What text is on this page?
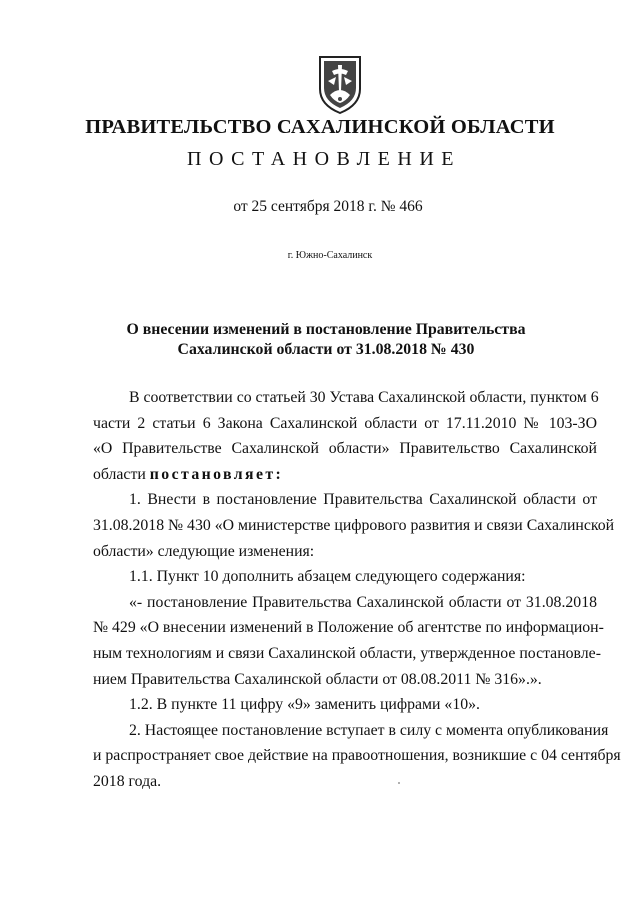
ПРАВИТЕЛЬСТВО САХАЛИНСКОЙ ОБЛАСТИ
ПОСТАНОВЛЕНИЕ
от 25 сентября 2018 г. № 466
г. Южно-Сахалинск
О внесении изменений в постановление Правительства
Сахалинской области от 31.08.2018 № 430

В соответствии со статьей 30 Устава Сахалинской области, пунктом 6
части 2 статьи 6 Закона Сахалинской области от 17.11.2010 № 103-ЗО
«О Правительстве Сахалинской области» Правительство Сахалинской
области постановляет:

1. Внести в постановление Правительства Сахалинской области от
31.08.2018 № 430 «О министерстве цифрового развития и связи Сахалинской
области» следующие изменения:

1.1. Пункт 10 дополнить абзацем следующего содержания:

«- постановление Правительства Сахалинской области от 31.08.2018
№ 429 «О внесении изменений в Положение об агентстве по информацион-
ным технологиям и связи Сахалинской области, утвержденное постановле-
нием Правительства Сахалинской области от 08.08.2011 № 316».».

1.2. В пункте 11 цифру «9» заменить цифрами «10».

2. Настоящее постановление вступает в силу с момента опубликования
и распространяет свое действие на правоотношения, возникшие с 04 сентября
2018 года.
